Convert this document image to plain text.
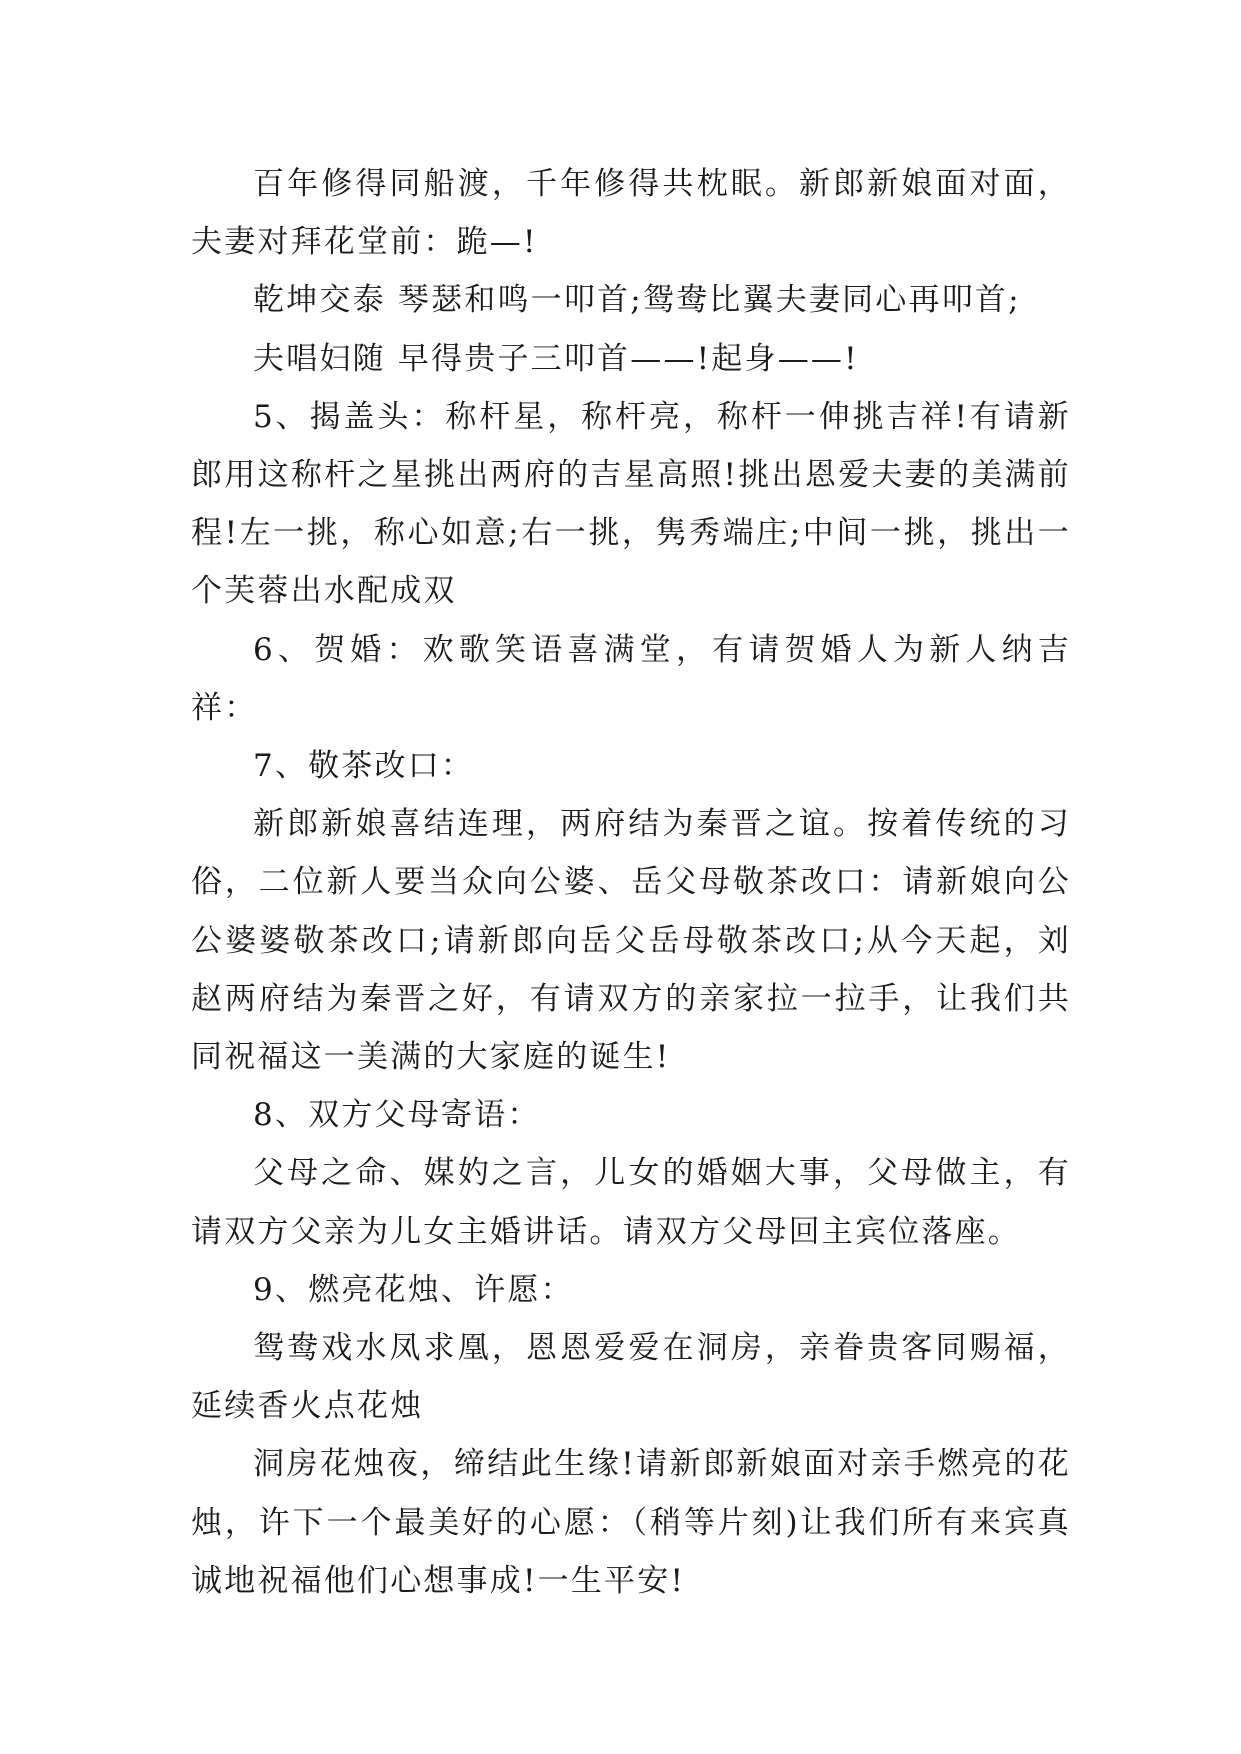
百年修得同船渡，千年修得共枕眠。新郎新娘面对面，夫妻对拜花堂前：跪—!

乾坤交泰 琴瑟和鸣一叩首;鸳鸯比翼夫妻同心再叩首;

夫唱妇随 早得贵子三叩首——!起身——!

5、揭盖头：称杆星，称杆亮，称杆一伸挑吉祥!有请新郎用这称杆之星挑出两府的吉星高照!挑出恩爱夫妻的美满前程!左一挑，称心如意;右一挑，隽秀端庄;中间一挑，挑出一个芙蓉出水配成双

6、贺婚：欢歌笑语喜满堂，有请贺婚人为新人纳吉祥：

7、敬茶改口：

新郎新娘喜结连理，两府结为秦晋之谊。按着传统的习俗，二位新人要当众向公婆、岳父母敬茶改口：请新娘向公公婆婆敬茶改口;请新郎向岳父岳母敬茶改口;从今天起，刘赵两府结为秦晋之好，有请双方的亲家拉一拉手，让我们共同祝福这一美满的大家庭的诞生!

8、双方父母寄语：

父母之命、媒妁之言，儿女的婚姻大事，父母做主，有请双方父亲为儿女主婚讲话。请双方父母回主宾位落座。

9、燃亮花烛、许愿：

鸳鸯戏水凤求凰，恩恩爱爱在洞房，亲眷贵客同赐福，延续香火点花烛

洞房花烛夜，缔结此生缘!请新郎新娘面对亲手燃亮的花烛，许下一个最美好的心愿：（稍等片刻)让我们所有来宾真诚地祝福他们心想事成!一生平安!
